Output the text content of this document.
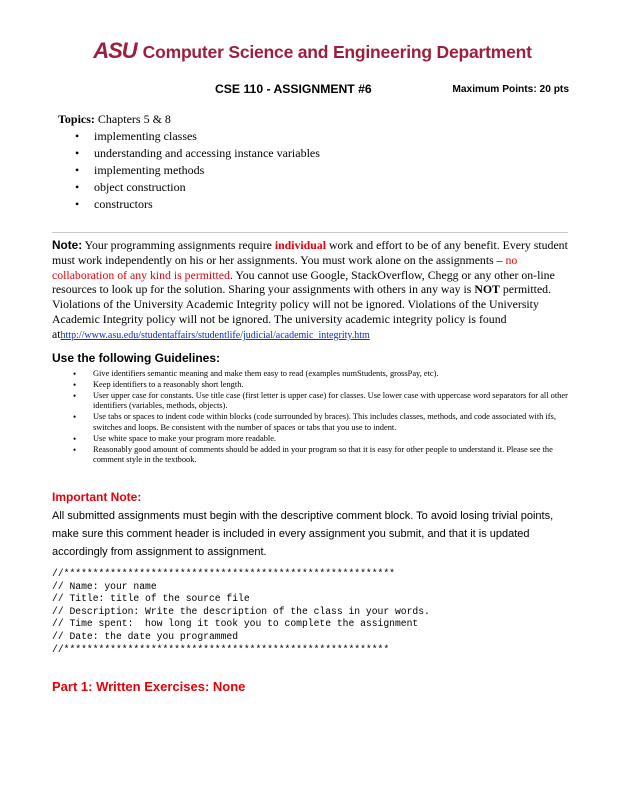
ASU Computer Science and Engineering Department
CSE 110 - ASSIGNMENT #6	Maximum Points: 20 pts
Topics: Chapters 5 & 8
• implementing classes
• understanding and accessing instance variables
• implementing methods
• object construction
• constructors
Note: Your programming assignments require individual work and effort to be of any benefit. Every student must work independently on his or her assignments. You must work alone on the assignments – no collaboration of any kind is permitted. You cannot use Google, StackOverflow, Chegg or any other on-line resources to look up for the solution. Sharing your assignments with others in any way is NOT permitted. Violations of the University Academic Integrity policy will not be ignored. Violations of the University Academic Integrity policy will not be ignored. The university academic integrity policy is found athttp://www.asu.edu/studentaffairs/studentlife/judicial/academic_integrity.htm
Use the following Guidelines:
• Give identifiers semantic meaning and make them easy to read (examples numStudents, grossPay, etc).
• Keep identifiers to a reasonably short length.
• User upper case for constants. Use title case (first letter is upper case) for classes. Use lower case with uppercase word separators for all other identifiers (variables, methods, objects).
• Use tabs or spaces to indent code within blocks (code surrounded by braces). This includes classes, methods, and code associated with ifs, switches and loops. Be consistent with the number of spaces or tabs that you use to indent.
• Use white space to make your program more readable.
• Reasonably good amount of comments should be added in your program so that it is easy for other people to understand it. Please see the comment style in the textbook.
Important Note:
All submitted assignments must begin with the descriptive comment block. To avoid losing trivial points, make sure this comment header is included in every assignment you submit, and that it is updated accordingly from assignment to assignment.
//*********************************************************
// Name: your name
// Title: title of the source file
// Description: Write the description of the class in your words.
// Time spent:  how long it took you to complete the assignment
// Date: the date you programmed
//********************************************************
Part 1: Written Exercises: None
